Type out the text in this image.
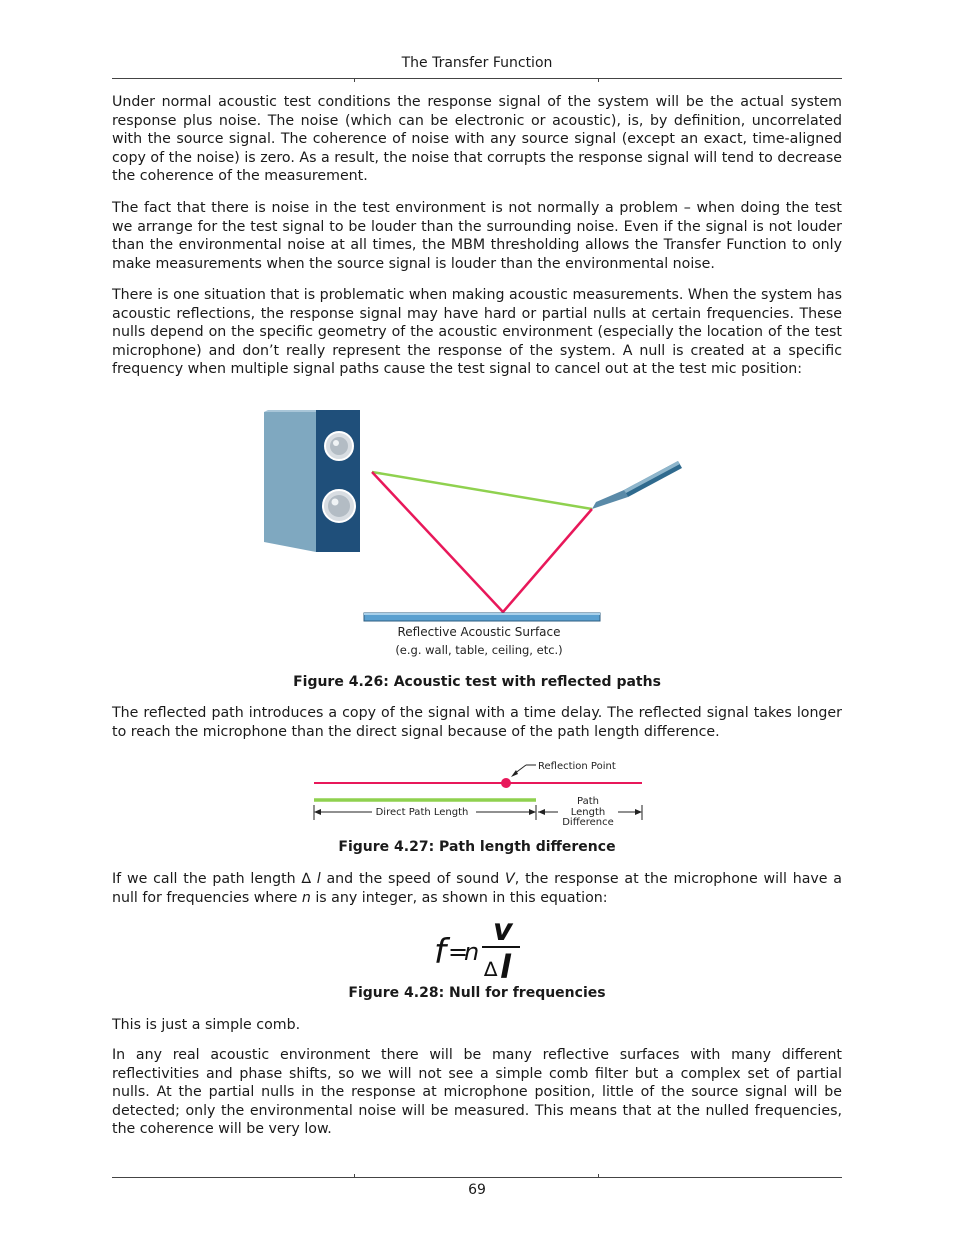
The Transfer Function

Under normal acoustic test conditions the response signal of the system will be the actual system response plus noise. The noise (which can be electronic or acoustic), is, by definition, uncorrelated with the source signal. The coherence of noise with any source signal (except an exact, time-aligned copy of the noise) is zero. As a result, the noise that corrupts the response signal will tend to decrease the coherence of the measurement.

The fact that there is noise in the test environment is not normally a problem – when doing the test we arrange for the test signal to be louder than the surrounding noise. Even if the signal is not louder than the environmental noise at all times, the MBM thresholding allows the Transfer Function to only make measurements when the source signal is louder than the environmental noise.

There is one situation that is problematic when making acoustic measurements. When the system has acoustic reflections, the response signal may have hard or partial nulls at certain frequencies. These nulls depend on the specific geometry of the acoustic environment (especially the location of the test microphone) and don’t really represent the response of the system. A null is created at a specific frequency when multiple signal paths cause the test signal to cancel out at the test mic position:

Reflective Acoustic Surface
(e.g. wall, table, ceiling, etc.)
Figure 4.26: Acoustic test with reflected paths

The reflected path introduces a copy of the signal with a time delay. The reflected signal takes longer to reach the microphone than the direct signal because of the path length difference.

Reflection Point
Direct Path Length
Path
Length
Difference
Figure 4.27: Path length difference

If we call the path length ∆ l and the speed of sound V, the response at the microphone will have a null for frequencies where n is any integer, as shown in this equation:

f =
n
v
∆ l
Figure 4.28: Null for frequencies

This is just a simple comb.

In any real acoustic environment there will be many reflective surfaces with many different reflectivities and phase shifts, so we will not see a simple comb filter but a complex set of partial nulls. At the partial nulls in the response at microphone position, little of the source signal will be detected; only the environmental noise will be measured. This means that at the nulled frequencies, the coherence will be very low.

69
